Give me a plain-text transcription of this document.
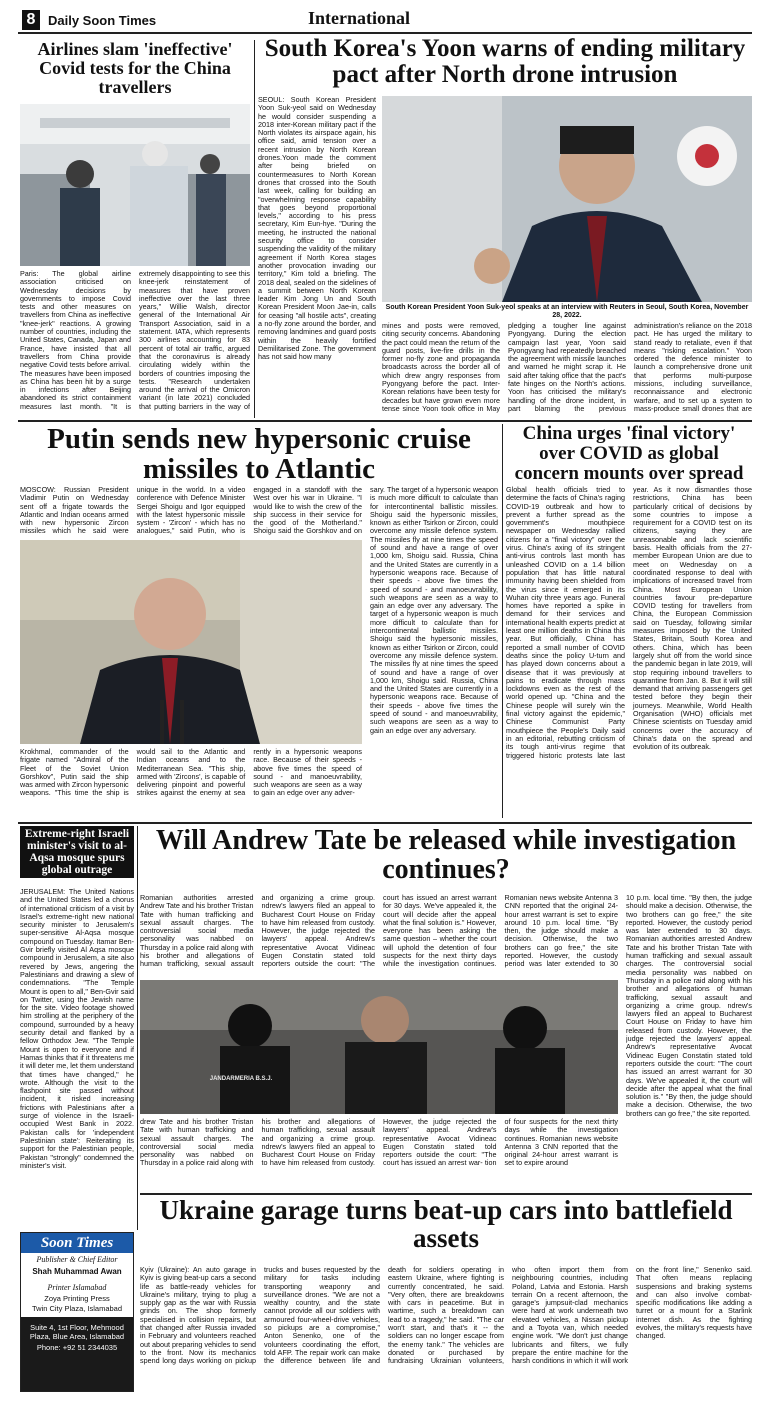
8 Daily Soon Times	International
Airlines slam 'ineffective' Covid tests for the China travellers
Paris: The global airline association criticised on Wednesday decisions by governments to impose Covid tests and other measures on travellers from China as ineffective "knee-jerk" reactions. A growing number of countries, including the United States, Canada, Japan and France, have insisted that all travellers from China provide negative Covid tests before arrival. The measures have been imposed as China has been hit by a surge in infections after Beijing abandoned its strict containment measures last month. "It is extremely disappointing to see this knee-jerk reinstatement of measures that have proven ineffective over the last three years," Willie Walsh, director general of the International Air Transport Association, said in a statement. IATA, which represents 300 airlines accounting for 83 percent of total air traffic, argued that the coronavirus is already circulating widely within the borders of countries imposing the tests. "Research undertaken around the arrival of the Omicron variant (in late 2021) concluded that putting barriers in the way of
South Korea's Yoon warns of ending military pact after North drone intrusion
SEOUL: South Korean President Yoon Suk-yeol said on Wednesday he would consider suspending a 2018 inter-Korean military pact if the North violates its airspace again, his office said, amid tension over a recent intrusion by North Korean drones.Yoon made the comment after being briefed on countermeasures to North Korean drones that crossed into the South last week, calling for building an "overwhelming response capability that goes beyond proportional levels," according to his press secretary, Kim Eun-hye. "During the meeting, he instructed the national security office to consider suspending the validity of the military agreement if North Korea stages another provocation invading our territory," Kim told a briefing. The 2018 deal, sealed on the sidelines of a summit between North Korean leader Kim Jong Un and South Korean President Moon Jae-in, calls for ceasing "all hostile acts", creating a no-fly zone around the border, and removing landmines and guard posts within the heavily fortified Demilitarised Zone. The government has not said how many
South Korean President Yoon Suk-yeol speaks at an interview with Reuters in Seoul, South Korea, November 28, 2022.
mines and posts were removed, citing security concerns. Abandoning the pact could mean the return of the guard posts, live-fire drills in the former no-fly zone and propaganda broadcasts across the border all of which drew angry responses from Pyongyang before the pact. Inter-Korean relations have been testy for decades but have grown even more tense since Yoon took office in May pledging a tougher line against Pyongyang. During the election campaign last year, Yoon said Pyongyang had repeatedly breached the agreement with missile launches and warned he might scrap it. He said after taking office that the pact's fate hinges on the North's actions. Yoon has criticised the military's handling of the drone incident, in part blaming the previous administration's reliance on the 2018 pact. He has urged the military to stand ready to retaliate, even if that means "risking escalation." Yoon ordered the defence minister to launch a comprehensive drone unit that performs multi-purpose missions, including surveillance, reconnaissance and electronic warfare, and to set up a system to mass-produce small drones that are
Putin sends new hypersonic cruise missiles to Atlantic
MOSCOW: Russian President Vladimir Putin on Wednesday sent off a frigate towards the Atlantic and Indian oceans armed with new hypersonic Zircon missiles which he said were unique in the world. In a video conference with Defence Minister Sergei Shoigu and Igor equipped with the latest hypersonic missile system - 'Zircon' - which has no analogues," said Putin, who is engaged in a standoff with the West over his war in Ukraine. "I would like to wish the crew of the ship success in their service for the good of the Motherland." Shoigu said the Gorshkov and on
Krokhmal, commander of the frigate named "Admiral of the Fleet of the Soviet Union Gorshkov", Putin said the ship was armed with Zircon hypersonic weapons. "This time the ship is would sail to the Atlantic and Indian oceans and to the Mediterranean Sea. "This ship, armed with 'Zircons', is capable of delivering pinpoint and powerful strikes against the enemy at sea rently in a hypersonic weapons race. Because of their speeds - above five times the speed of sound - and manoeuvrability, such weapons are seen as a way to gain an edge over any adver-
sary. The target of a hypersonic weapon is much more difficult to calculate than for intercontinental ballistic missiles. Shoigu said the hypersonic missiles, known as either Tsirkon or Zircon, could overcome any missile defence system. The missiles fly at nine times the speed of sound and have a range of over 1,000 km, Shoigu said. Russia, China and the United States are currently in a hypersonic weapons race. Because of their speeds - above five times the speed of sound - and manoeuvrability, such weapons are seen as a way to gain an edge over any adversary. The target of a hypersonic weapon is much more difficult to calculate than for intercontinental ballistic missiles. Shoigu said the hypersonic missiles, known as either Tsirkon or Zircon, could overcome any missile defence system. The missiles fly at nine times the speed of sound and have a range of over 1,000 km, Shoigu said. Russia, China and the United States are currently in a hypersonic weapons race. Because of their speeds - above five times the speed of sound - and manoeuvrability, such weapons are seen as a way to gain an edge over any adversary.
China urges 'final victory' over COVID as global concern mounts over spread
Global health officials tried to determine the facts of China's raging COVID-19 outbreak and how to prevent a further spread as the government's mouthpiece newspaper on Wednesday rallied citizens for a "final victory" over the virus. China's axing of its stringent anti-virus controls last month has unleashed COVID on a 1.4 billion population that has little natural immunity having been shielded from the virus since it emerged in its Wuhan city three years ago. Funeral homes have reported a spike in demand for their services and international health experts predict at least one million deaths in China this year. But officially, China has reported a small number of COVID deaths since the policy U-turn and has played down concerns about a disease that it was previously at pains to eradicate through mass lockdowns even as the rest of the world opened up. "China and the Chinese people will surely win the final victory against the epidemic," Chinese Communist Party mouthpiece the People's Daily said in an editorial, rebutting criticism of its tough anti-virus regime that triggered historic protests late last year. As it now dismantles those restrictions, China has been particularly critical of decisions by some countries to impose a requirement for a COVID test on its citizens, saying they are unreasonable and lack scientific basis. Health officials from the 27-member European Union are due to meet on Wednesday on a coordinated response to deal with implications of increased travel from China. Most European Union countries favour pre-departure COVID testing for travellers from China, the European Commission said on Tuesday, following similar measures imposed by the United States, Britain, South Korea and others. China, which has been largely shut off from the world since the pandemic began in late 2019, will stop requiring inbound travellers to quarantine from Jan. 8. But it will still demand that arriving passengers get tested before they begin their journeys. Meanwhile, World Health Organisation (WHO) officials met Chinese scientists on Tuesday amid concerns over the accuracy of China's data on the spread and evolution of its outbreak.
Extreme-right Israeli minister's visit to al-Aqsa mosque spurs global outrage
JERUSALEM: The United Nations and the United States led a chorus of international criticism of a visit by Israel's extreme-right new national security minister to Jerusalem's super-sensitive Al-Aqsa mosque compound on Tuesday. Itamar Ben-Gvir briefly visited Al Aqsa mosque compound in Jerusalem, a site also revered by Jews, angering the Palestinians and drawing a slew of condemnations. "The Temple Mount is open to all," Ben-Gvir said on Twitter, using the Jewish name for the site. Video footage showed him strolling at the periphery of the compound, surrounded by a heavy security detail and flanked by a fellow Orthodox Jew. "The Temple Mount is open to everyone and if Hamas thinks that if it threatens me it will deter me, let them understand that times have changed," he wrote. Although the visit to the flashpoint site passed without incident, it risked increasing frictions with Palestinians after a surge of violence in the Israeli-occupied West Bank in 2022. Pakistan calls for 'independent Palestinian state': Reiterating its support for the Palestinian people, Pakistan "strongly" condemned the minister's visit.
Will Andrew Tate be released while investigation continues?
Romanian authorities arrested Andrew Tate and his brother Tristan Tate with human trafficking and sexual assault charges. The controversial social media personality was nabbed on Thursday in a police raid along with his brother and allegations of human trafficking, sexual assault and organizing a crime group. ndrew's lawyers filed an appeal to Bucharest Court House on Friday to have him released from custody. However, the judge rejected the lawyers' appeal. Andrew's representative Avocat Vidineac Eugen Constatin stated told reporters outside the court: "The court has issued an arrest warrant for 30 days. We've appealed it, the court will decide after the appeal what the final solution is." However, everyone has been asking the same question – whether the court will uphold the detention of four suspects for the next thirty days while the investigation continues. Romanian news website Antenna 3 CNN reported that the original 24-hour arrest warrant is set to expire around 10 p.m. local time. "By then, the judge should make a decision. Otherwise, the two brothers can go free," the site reported. However, the custody period was later extended to 30
JANDARMERIA B.S.J.
drew Tate and his brother Tristan Tate with human trafficking and sexual assault charges. The controversial social media personality was nabbed on Thursday in a police raid along with his brother and allegations of human trafficking, sexual assault and organizing a crime group. ndrew's lawyers filed an appeal to Bucharest Court House on Friday to have him released from custody. However, the judge rejected the lawyers' appeal. Andrew's representative Avocat Vidineac Eugen Constatin stated told reporters outside the court: "The court has issued an arrest war- tion of four suspects for the next thirty days while the investigation continues. Romanian news website Antenna 3 CNN reported that the original 24-hour arrest warrant is set to expire around
10 p.m. local time. "By then, the judge should make a decision. Otherwise, the two brothers can go free," the site reported. However, the custody period was later extended to 30 days. Romanian authorities arrested Andrew Tate and his brother Tristan Tate with human trafficking and sexual assault charges. The controversial social media personality was nabbed on Thursday in a police raid along with his brother and allegations of human trafficking, sexual assault and organizing a crime group. ndrew's lawyers filed an appeal to Bucharest Court House on Friday to have him released from custody. However, the judge rejected the lawyers' appeal. Andrew's representative Avocat Vidineac Eugen Constatin stated told reporters outside the court: "The court has issued an arrest warrant for 30 days. We've appealed it, the court will decide after the appeal what the final solution is." "By then, the judge should make a decision. Otherwise, the two brothers can go free," the site reported.
Ukraine garage turns beat-up cars into battlefield assets
Kyiv (Ukraine): An auto garage in Kyiv is giving beat-up cars a second life as battle-ready vehicles for Ukraine's military, trying to plug a supply gap as the war with Russia grinds on. The shop formerly specialised in collision repairs, but that changed after Russia invaded in February and volunteers reached out about preparing vehicles to send to the front. Now its mechanics spend long days working on pickup trucks and buses requested by the military for tasks including transporting weaponry and surveillance drones. "We are not a wealthy country, and the state cannot provide all our soldiers with armoured four-wheel-drive vehicles, so pickups are a compromise," Anton Senenko, one of the volunteers coordinating the effort, told AFP. The repair work can make the difference between life and death for soldiers operating in eastern Ukraine, where fighting is currently concentrated, he said. "Very often, there are breakdowns with cars in peacetime. But in wartime, such a breakdown can lead to a tragedy," he said. "The car won't start, and that's it -- the soldiers can no longer escape from the enemy tank." The vehicles are donated or purchased by fundraising Ukrainian volunteers, who often import them from neighbouring countries, including Poland, Latvia and Estonia. Harsh terrain On a recent afternoon, the garage's jumpsuit-clad mechanics were hard at work underneath two elevated vehicles, a Nissan pickup and a Toyota van, which needed engine work. "We don't just change lubricants and filters, we fully prepare the entire machine for the harsh conditions in which it will work on the front line," Senenko said. That often means replacing suspensions and braking systems and can also involve combat-specific modifications like adding a turret or a mount for a Starlink internet dish. As the fighting evolves, the military's requests have changed.
Soon Times
Publisher & Chief Editor
Shah Muhammad Awan
Printer Islamabad
Zoya Printing Press
Twin City Plaza, Islamabad
Suite 4, 1st Floor, Mehmood Plaza, Blue Area, Islamabad
Phone: +92 51 2344035
